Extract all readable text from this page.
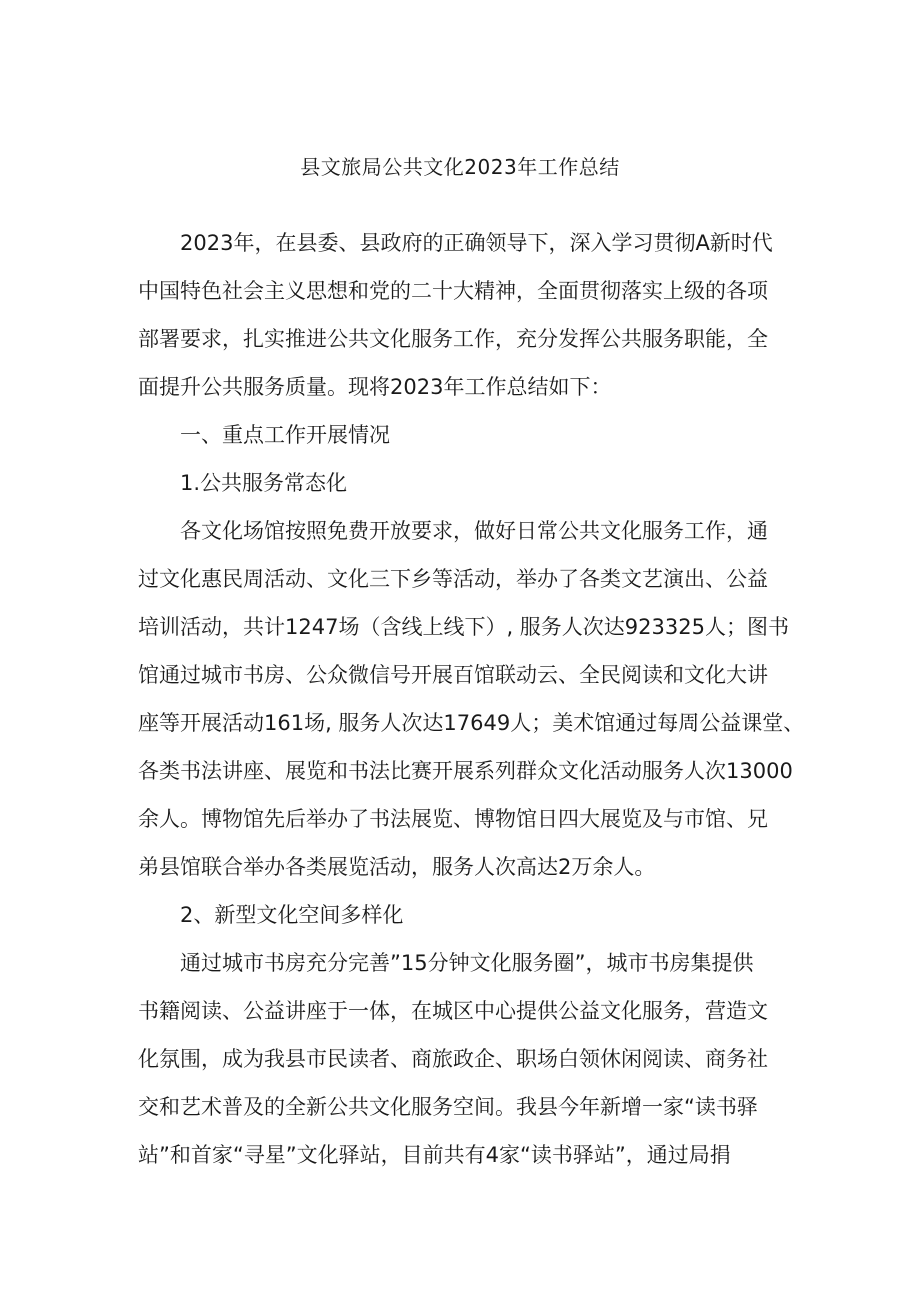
县文旅局公共文化2023年工作总结
2023年，在县委、县政府的正确领导下，深入学习贯彻A新时代
中国特色社会主义思想和党的二十大精神，全面贯彻落实上级的各项
部署要求，扎实推进公共文化服务工作，充分发挥公共服务职能，全
面提升公共服务质量。现将2023年工作总结如下：
一、重点工作开展情况
1.公共服务常态化
各文化场馆按照免费开放要求，做好日常公共文化服务工作，通
过文化惠民周活动、文化三下乡等活动，举办了各类文艺演出、公益
培训活动，共计1247场（含线上线下）, 服务人次达923325人；图书
馆通过城市书房、公众微信号开展百馆联动云、全民阅读和文化大讲
座等开展活动161场, 服务人次达17649人；美术馆通过每周公益课堂、
各类书法讲座、展览和书法比赛开展系列群众文化活动服务人次13000
余人。博物馆先后举办了书法展览、博物馆日四大展览及与市馆、兄
弟县馆联合举办各类展览活动，服务人次高达2万余人。
2、新型文化空间多样化
通过城市书房充分完善”15分钟文化服务圈”，城市书房集提供
书籍阅读、公益讲座于一体，在城区中心提供公益文化服务，营造文
化氛围，成为我县市民读者、商旅政企、职场白领休闲阅读、商务社
交和艺术普及的全新公共文化服务空间。我县今年新增一家“读书驿
站”和首家“寻星”文化驿站，目前共有4家“读书驿站”，通过局捐
